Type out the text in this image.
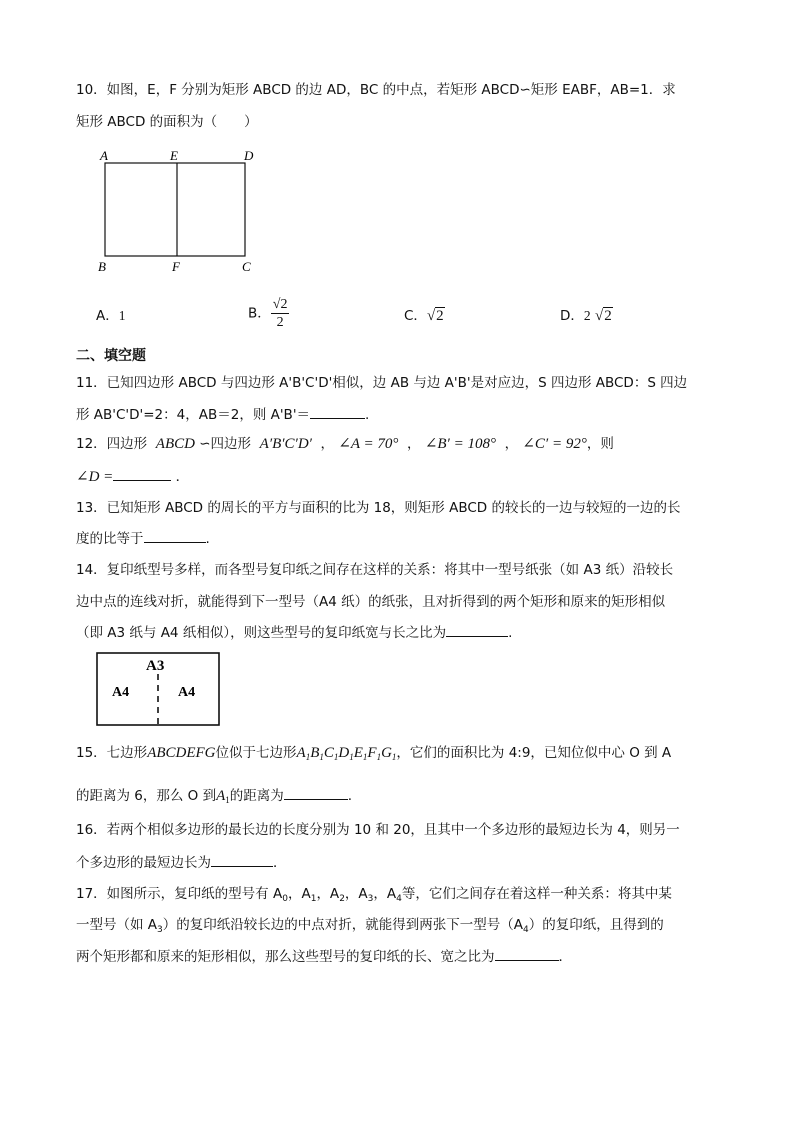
10．如图，E，F 分别为矩形 ABCD 的边 AD，BC 的中点，若矩形 ABCD∽矩形 EABF，AB=1．求
矩形 ABCD 的面积为（　　）
A	E	D
B	F	C
A．1	B． $\frac{√2}{2}$	C．√2	D．2 √2
二、填空题
11．已知四边形 ABCD 与四边形 A'B'C'D'相似，边 AB 与边 A'B'是对应边，S 四边形 ABCD：S 四边
形 AB'C'D'=2：4，AB＝2，则 A'B'＝	.
12．四边形 ABCD ∽四边形 A′B′C′D′ ， ∠A = 70° ， ∠B′ = 108° ， ∠C′ = 92°，则
∠D =	．
13．已知矩形 ABCD 的周长的平方与面积的比为 18，则矩形 ABCD 的较长的一边与较短的一边的长
度的比等于	.
14．复印纸型号多样，而各型号复印纸之间存在这样的关系：将其中一型号纸张（如 A3 纸）沿较长
边中点的连线对折，就能得到下一型号（A4 纸）的纸张，且对折得到的两个矩形和原来的矩形相似
（即 A3 纸与 A4 纸相似），则这些型号的复印纸宽与长之比为	.
A3
A4	A4
15．七边形ABCDEFG位似于七边形$A_1B_1C_1D_1E_1F_1G_1$，它们的面积比为 4:9，已知位似中心 O 到 A
的距离为 6，那么 O 到$A_1$的距离为	.
16．若两个相似多边形的最长边的长度分别为 10 和 20，且其中一个多边形的最短边长为 4，则另一
个多边形的最短边长为	．
17．如图所示，复印纸的型号有 $A_0$，$A_1$，$A_2$，$A_3$，$A_4$等，它们之间存在着这样一种关系：将其中某
一型号（如 $A_3$）的复印纸沿较长边的中点对折，就能得到两张下一型号$(A_4)$的复印纸，且得到的
两个矩形都和原来的矩形相似，那么这些型号的复印纸的长、宽之比为	．
